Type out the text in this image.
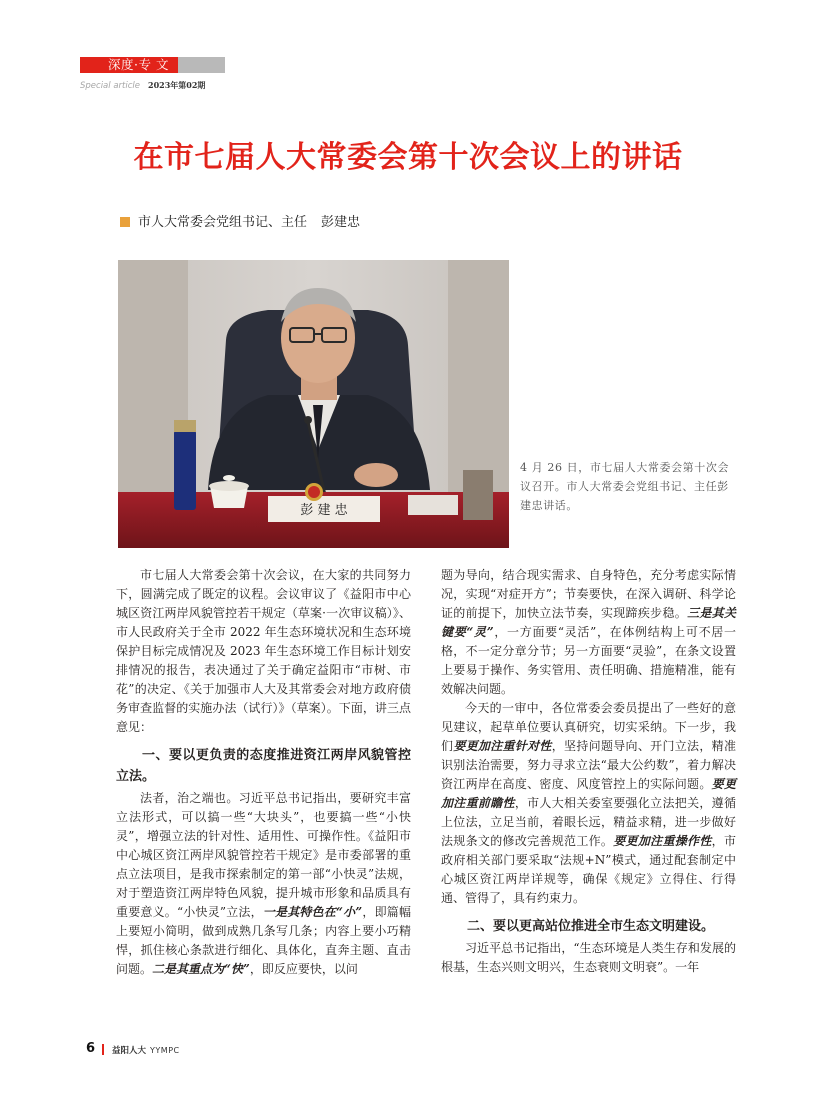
深度·专 文
Special article 2023年第02期
在市七届人大常委会第十次会议上的讲话
市人大常委会党组书记、主任 彭建忠
彭 建 忠
4 月 26 日，市七届人大常委会第十次会议召开。市人大常委会党组书记、主任彭建忠讲话。

市七届人大常委会第十次会议，在大家的共同努力下，圆满完成了既定的议程。会议审议了《益阳市中心城区资江两岸风貌管控若干规定（草案·一次审议稿）》、市人民政府关于全市 2022 年生态环境状况和生态环境保护目标完成情况及 2023 年生态环境工作目标计划安排情况的报告，表决通过了关于确定益阳市“市树、市花”的决定、《关于加强市人大及其常委会对地方政府债务审查监督的实施办法（试行）》（草案）。下面，讲三点意见：

一、要以更负责的态度推进资江两岸风貌管控立法。

法者，治之端也。习近平总书记指出，要研究丰富立法形式，可以搞一些“大块头”，也要搞一些“小快灵”，增强立法的针对性、适用性、可操作性。《益阳市中心城区资江两岸风貌管控若干规定》是市委部署的重点立法项目，是我市探索制定的第一部“小快灵”法规，对于塑造资江两岸特色风貌，提升城市形象和品质具有重要意义。“小快灵”立法，一是其特色在“小”，即篇幅上要短小简明，做到成熟几条写几条；内容上要小巧精悍，抓住核心条款进行细化、具体化，直奔主题、直击问题。二是其重点为“快”，即反应要快，以问

题为导向，结合现实需求、自身特色，充分考虑实际情况，实现“对症开方”；节奏要快，在深入调研、科学论证的前提下，加快立法节奏，实现蹄疾步稳。三是其关键要“灵”，一方面要“灵活”，在体例结构上可不居一格，不一定分章分节；另一方面要“灵验”，在条文设置上要易于操作、务实管用、责任明确、措施精准，能有效解决问题。

今天的一审中，各位常委会委员提出了一些好的意见建议，起草单位要认真研究，切实采纳。下一步，我们要更加注重针对性，坚持问题导向、开门立法，精准识别法治需要，努力寻求立法“最大公约数”，着力解决资江两岸在高度、密度、风度管控上的实际问题。要更加注重前瞻性，市人大相关委室要强化立法把关，遵循上位法，立足当前，着眼长远，精益求精，进一步做好法规条文的修改完善规范工作。要更加注重操作性，市政府相关部门要采取“法规+N”模式，通过配套制定中心城区资江两岸详规等，确保《规定》立得住、行得通、管得了，具有约束力。

二、要以更高站位推进全市生态文明建设。

习近平总书记指出，“生态环境是人类生存和发展的根基，生态兴则文明兴，生态衰则文明衰”。一年

6 益阳人大 YYMPC
